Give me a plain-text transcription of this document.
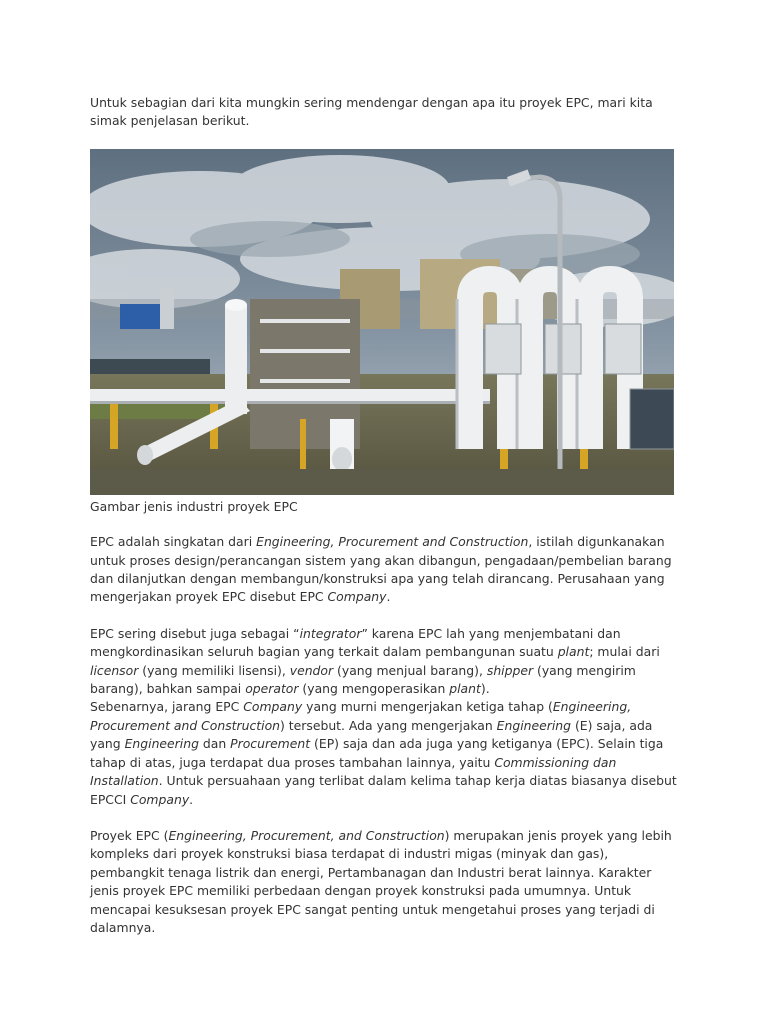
Untuk sebagian dari kita mungkin sering mendengar dengan apa itu proyek EPC, mari kita simak penjelasan berikut.

Gambar jenis industri proyek EPC

EPC adalah singkatan dari Engineering, Procurement and Construction, istilah digunkanakan untuk proses design/perancangan sistem yang akan dibangun, pengadaan/pembelian barang dan dilanjutkan dengan membangun/konstruksi apa yang telah dirancang. Perusahaan yang mengerjakan proyek EPC disebut EPC Company.

EPC sering disebut juga sebagai “integrator” karena EPC lah yang menjembatani dan mengkordinasikan seluruh bagian yang terkait dalam pembangunan suatu plant; mulai dari licensor (yang memiliki lisensi), vendor (yang menjual barang), shipper (yang mengirim barang), bahkan sampai operator (yang mengoperasikan plant).

Sebenarnya, jarang EPC Company yang murni mengerjakan ketiga tahap (Engineering, Procurement and Construction) tersebut. Ada yang mengerjakan Engineering (E) saja, ada yang Engineering dan Procurement (EP) saja dan ada juga yang ketiganya (EPC). Selain tiga tahap di atas, juga terdapat dua proses tambahan lainnya, yaitu Commissioning dan Installation. Untuk persuahaan yang terlibat dalam kelima tahap kerja diatas biasanya disebut EPCCI Company.

Proyek EPC (Engineering, Procurement, and Construction) merupakan jenis proyek yang lebih kompleks dari proyek konstruksi biasa terdapat di industri migas (minyak dan gas), pembangkit tenaga listrik dan energi, Pertambanagan dan Industri berat lainnya. Karakter jenis proyek EPC memiliki perbedaan dengan proyek konstruksi pada umumnya. Untuk mencapai kesuksesan proyek EPC sangat penting untuk mengetahui proses yang terjadi di dalamnya.
